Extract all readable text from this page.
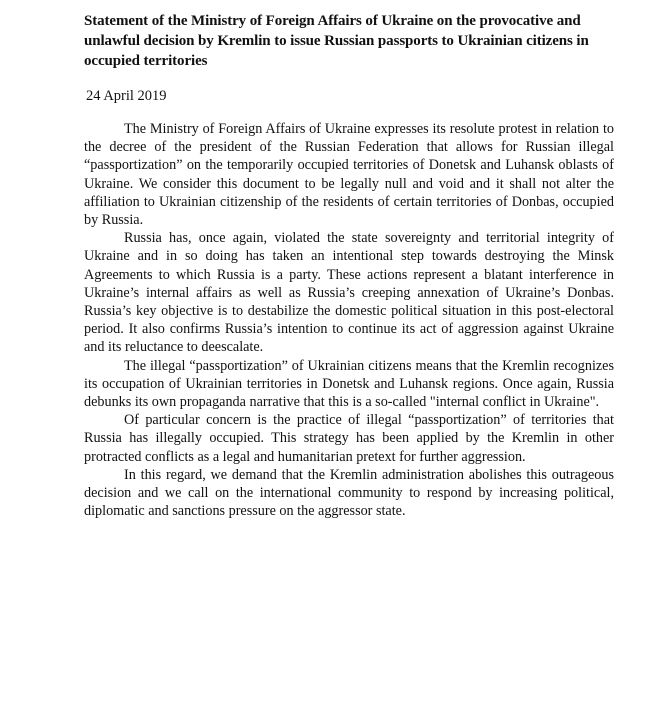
Statement of the Ministry of Foreign Affairs of Ukraine on the provocative and unlawful decision by Kremlin to issue Russian passports to Ukrainian citizens in occupied territories
24 April 2019

The Ministry of Foreign Affairs of Ukraine expresses its resolute protest in relation to the decree of the president of the Russian Federation that allows for Russian illegal “passportization” on the temporarily occupied territories of Donetsk and Luhansk oblasts of Ukraine. We consider this document to be legally null and void and it shall not alter the affiliation to Ukrainian citizenship of the residents of certain territories of Donbas, occupied by Russia.

Russia has, once again, violated the state sovereignty and territorial integrity of Ukraine and in so doing has taken an intentional step towards destroying the Minsk Agreements to which Russia is a party. These actions represent a blatant interference in Ukraine’s internal affairs as well as Russia’s creeping annexation of Ukraine’s Donbas. Russia’s key objective is to destabilize the domestic political situation in this post-electoral period. It also confirms Russia’s intention to continue its act of aggression against Ukraine and its reluctance to deescalate.

The illegal “passportization” of Ukrainian citizens means that the Kremlin recognizes its occupation of Ukrainian territories in Donetsk and Luhansk regions. Once again, Russia debunks its own propaganda narrative that this is a so-called "internal conflict in Ukraine".

Of particular concern is the practice of illegal “passportization” of territories that Russia has illegally occupied. This strategy has been applied by the Kremlin in other protracted conflicts as a legal and humanitarian pretext for further aggression.

In this regard, we demand that the Kremlin administration abolishes this outrageous decision and we call on the international community to respond by increasing political, diplomatic and sanctions pressure on the aggressor state.
